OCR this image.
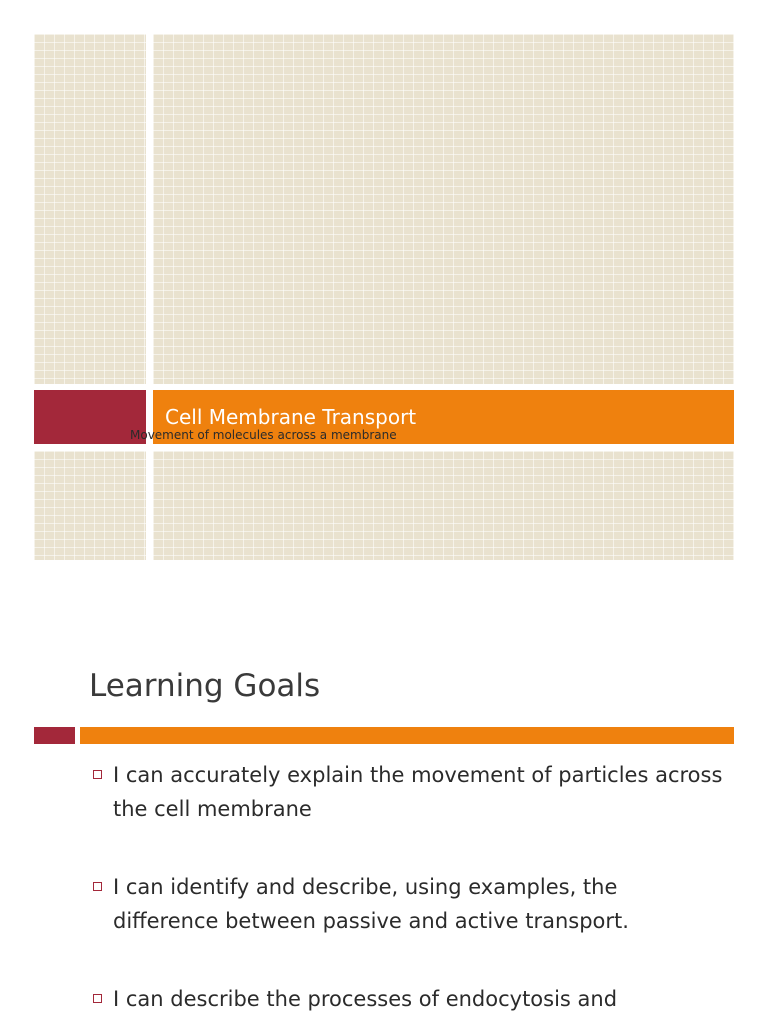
Cell Membrane Transport
Movement of molecules across a membrane
Learning Goals
I can accurately explain the movement of particles across the cell membrane
I can identify and describe, using examples, the difference between passive and active transport.
I can describe the processes of endocytosis and
